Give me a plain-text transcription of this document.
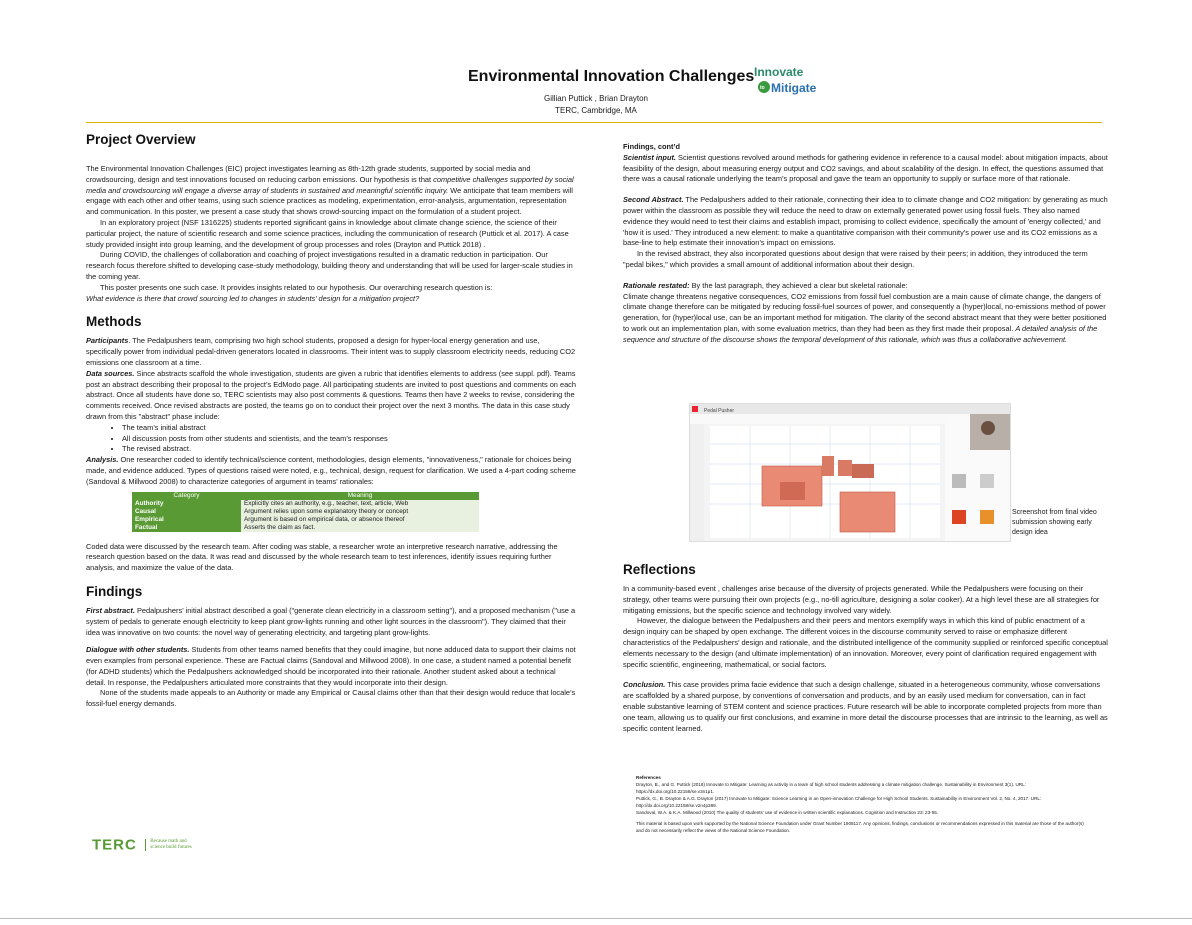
Environmental Innovation Challenges
Gillian Puttick , Brian Drayton
TERC, Cambridge, MA
Innovate
to Mitigate
Project Overview

The Environmental Innovation Challenges (EIC) project investigates learning as 8th-12th grade students, supported by social media and crowdsourcing, design and test innovations focused on reducing carbon emissions. Our hypothesis is that competitive challenges supported by social media and crowdsourcing will engage a diverse array of students in sustained and meaningful scientific inquiry. We anticipate that team members will engage with each other and other teams, using such science practices as modeling, experimentation, error-analysis, argumentation, representation and communication. In this poster, we present a case study that shows crowd-sourcing impact on the formulation of a student project.

In an exploratory project (NSF 1316225) students reported significant gains in knowledge about climate change science, the science of their particular project, the nature of scientific research and some science practices, including the communication of research (Puttick et al. 2017). A case study provided insight into group learning, and the development of group processes and roles (Drayton and Puttick 2018) .

During COVID, the challenges of collaboration and coaching of project investigations resulted in a dramatic reduction in participation. Our research focus therefore shifted to developing case-study methodology, building theory and understanding that will be used for larger-scale studies in the coming year.

This poster presents one such case. It provides insights related to our hypothesis. Our overarching research question is:

What evidence is there that crowd sourcing led to changes in students’ design for a mitigation project?

Methods

Participants. The Pedalpushers team, comprising two high school students, proposed a design for hyper-local energy generation and use, specifically power from individual pedal-driven generators located in classrooms. Their intent was to supply classroom electricity needs, reducing CO2 emissions one classroom at a time.

Data sources. Since abstracts scaffold the whole investigation, students are given a rubric that identifies elements to address (see suppl. pdf). Teams post an abstract describing their proposal to the project’s EdModo page. All participating students are invited to post questions and comments on each abstract. Once all students have done so, TERC scientists may also post comments & questions. Teams then have 2 weeks to revise, considering the comments received. Once revised abstracts are posted, the teams go on to conduct their project over the next 3 months. The data in this case study drawn from this "abstract" phase include:

• The team’s initial abstract
• All discussion posts from other students and scientists, and the team’s responses
• The revised abstract.

Analysis. One researcher coded to identify technical/science content, methodologies, design elements, "innovativeness," rationale for choices being made, and evidence adduced. Types of questions raised were noted, e.g., technical, design, request for clarification. We used a 4-part coding scheme (Sandoval & Millwood 2008) to characterize categories of argument in teams’ rationales:

Category	Meaning
Authority	Explicitly cites an authority, e.g., teacher, text, article, Web
Causal	Argument relies upon some explanatory theory or concept
Empirical	Argument is based on empirical data, or absence thereof
Factual	Asserts the claim as fact.

Coded data were discussed by the research team. After coding was stable, a researcher wrote an interpretive research narrative, addressing the research question based on the data. It was read and discussed by the whole research team to test inferences, identify issues requiring further analysis, and maximize the value of the data.

Findings

First abstract. Pedalpushers’ initial abstract described a goal ("generate clean electricity in a classroom setting"), and a proposed mechanism ("use a system of pedals to generate enough electricity to keep plant grow-lights running and other light sources in the classroom"). They claimed that their idea was innovative on two counts: the novel way of generating electricity, and targeting plant grow-lights.

Dialogue with other students. Students from other teams named benefits that they could imagine, but none adduced data to support their claims not even examples from personal experience. These are Factual claims (Sandoval and Millwood 2008). In one case, a student named a potential benefit (for ADHD students) which the Pedalpushers acknowledged should be incorporated into their rationale. Another student asked about a technical detail. In response, the Pedalpushers articulated more constraints that they would incorporate into their design.

None of the students made appeals to an Authority or made any Empirical or Causal claims other than that their design would reduce that locale’s fossil-fuel energy demands.

TERC	Because math and
science build futures

Findings, cont’d

Scientist input. Scientist questions revolved around methods for gathering evidence in reference to a causal model: about mitigation impacts, about feasibility of the design, about measuring energy output and CO2 savings, and about scalability of the design. In effect, the questions assumed that there was a causal rationale underlying the team’s proposal and gave the team an opportunity to supply or surface more of that rationale.

Second Abstract. The Pedalpushers added to their rationale, connecting their idea to to climate change and CO2 mitigation: by generating as much power within the classroom as possible they will reduce the need to draw on externally generated power using fossil fuels. They also named evidence they would need to test their claims and establish impact, promising to collect evidence, specifically the amount of 'energy collected,' and 'how it is used.' They introduced a new element: to make a quantitative comparison with their community’s power use and its CO2 emissions as a base-line to help estimate their innovation’s impact on emissions.

In the revised abstract, they also incorporated questions about design that were raised by their peers; in addition, they introduced the term "pedal bikes," which provides a small amount of additional information about their design.

Rationale restated: By the last paragraph, they achieved a clear but skeletal rationale:

Climate change threatens negative consequences, CO2 emissions from fossil fuel combustion are a main cause of climate change, the dangers of climate change therefore can be mitigated by reducing fossil-fuel sources of power, and consequently a (hyper)local, no-emissions method of power generation, for (hyper)local use, can be an important method for mitigation. The clarity of the second abstract meant that they were better positioned to work out an implementation plan, with some evaluation metrics, than they had been as they first made their proposal. A detailed analysis of the sequence and structure of the discourse shows the temporal development of this rationale, which was thus a collaborative achievement.

Pedal Pusher
Screenshot from final video submission showing early design idea
Reflections

In a community-based event , challenges arise because of the diversity of projects generated. While the Pedalpushers were focusing on their strategy, other teams were pursuing their own projects (e.g., no-till agriculture, designing a solar cooker). At a high level these are all strategies for mitigating emissions, but the specific science and technology involved vary widely.

However, the dialogue between the Pedalpushers and their peers and mentors exemplify ways in which this kind of public enactment of a design inquiry can be shaped by open exchange. The different voices in the discourse community served to raise or emphasize different characteristics of the Pedalpushers’ design and rationale, and the distributed intelligence of the community supplied or reinforced specific conceptual elements necessary to the design (and ultimate implementation) of an innovation. Moreover, every point of clarification required engagement with specific scientific, engineering, mathematical, or social factors.

Conclusion. This case provides prima facie evidence that such a design challenge, situated in a heterogeneous community, whose conversations are scaffolded by a shared purpose, by conventions of conversation and products, and by an easily used medium for conversation, can in fact enable substantive learning of STEM content and science practices. Future research will be able to incorporate completed projects from more than one team, allowing us to qualify our first conclusions, and examine in more detail the discourse processes that are intrinsic to the learning, as well as specific content learned.

References

Drayton, B., and G. Puttick (2018) Innovate to Mitigate: Learning as activity in a team of high school students addressing a climate mitigation challenge. Sustainability in Environment 3(1). URL: https://dx.doi.org/10.22158/se.v3n1p1.

Puttick, G., B. Drayton & A.G. Drayton (2017) Innovate to Mitigate: Science Learning in an Open-innovation Challenge for High School Students. Sustainability in Environment Vol. 2, No. 4, 2017. URL: http://dx.doi.org/10.22158/se.v2n4p389.

Sandoval, W.A. & K.A. Millwood (2010) The quality of students’ use of evidence in written scientific explanations. Cognition and Instruction 23: 23-55.

This material is based upon work supported by the National Science Foundation under Grant Number 1908117. Any opinions, findings, conclusions or recommendations expressed in this material are those of the author(s) and do not necessarily reflect the views of the National Science Foundation.
